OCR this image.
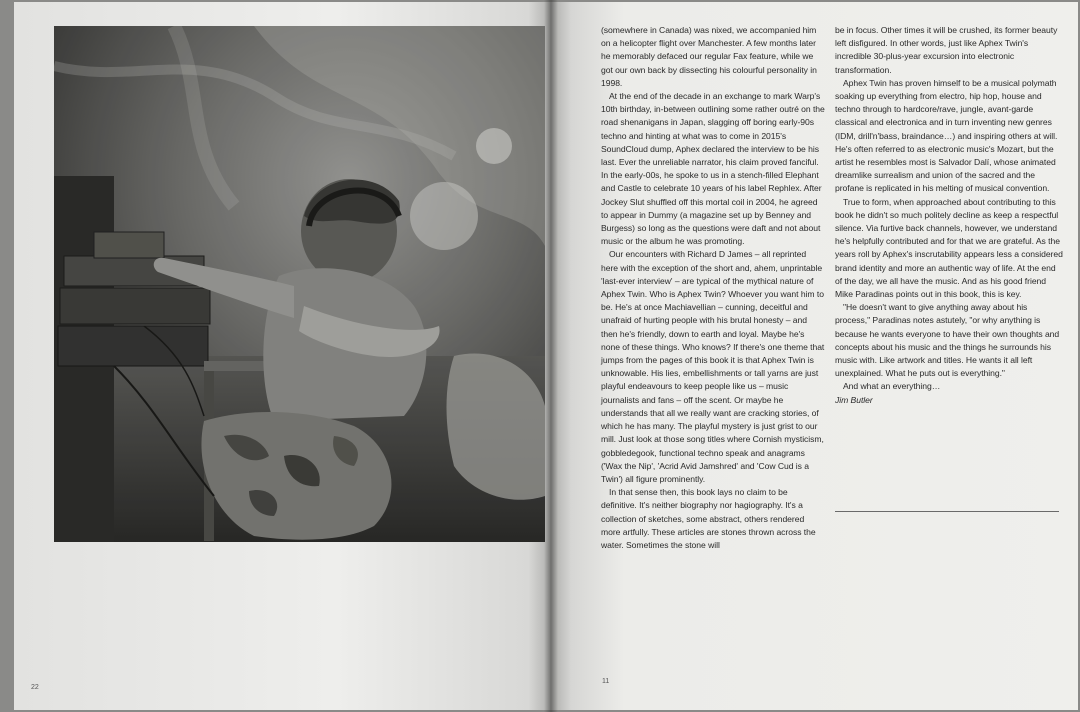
22
11

(somewhere in Canada) was nixed, we accompanied him on a helicopter flight over Manchester. A few months later he memorably defaced our regular Fax feature, while we got our own back by dissecting his colourful personality in 1998.

At the end of the decade in an exchange to mark Warp's 10th birthday, in-between outlining some rather outré on the road shenanigans in Japan, slagging off boring early-90s techno and hinting at what was to come in 2015's SoundCloud dump, Aphex declared the interview to be his last. Ever the unreliable narrator, his claim proved fanciful. In the early-00s, he spoke to us in a stench-filled Elephant and Castle to celebrate 10 years of his label Rephlex. After Jockey Slut shuffled off this mortal coil in 2004, he agreed to appear in Dummy (a magazine set up by Benney and Burgess) so long as the questions were daft and not about music or the album he was promoting.

Our encounters with Richard D James – all reprinted here with the exception of the short and, ahem, unprintable 'last-ever interview' – are typical of the mythical nature of Aphex Twin. Who is Aphex Twin? Whoever you want him to be. He's at once Machiavellian – cunning, deceitful and unafraid of hurting people with his brutal honesty – and then he's friendly, down to earth and loyal. Maybe he's none of these things. Who knows? If there's one theme that jumps from the pages of this book it is that Aphex Twin is unknowable. His lies, embellishments or tall yarns are just playful endeavours to keep people like us – music journalists and fans – off the scent. Or maybe he understands that all we really want are cracking stories, of which he has many. The playful mystery is just grist to our mill. Just look at those song titles where Cornish mysticism, gobbledegook, functional techno speak and anagrams ('Wax the Nip', 'Acrid Avid Jamshred' and 'Cow Cud is a Twin') all figure prominently.

In that sense then, this book lays no claim to be definitive. It's neither biography nor hagiography. It's a collection of sketches, some abstract, others rendered more artfully. These articles are stones thrown across the water. Sometimes the stone will

be in focus. Other times it will be crushed, its former beauty left disfigured. In other words, just like Aphex Twin's incredible 30-plus-year excursion into electronic transformation.

Aphex Twin has proven himself to be a musical polymath soaking up everything from electro, hip hop, house and techno through to hardcore/rave, jungle, avant-garde classical and electronica and in turn inventing new genres (IDM, drill'n'bass, braindance…) and inspiring others at will. He's often referred to as electronic music's Mozart, but the artist he resembles most is Salvador Dalí, whose animated dreamlike surrealism and union of the sacred and the profane is replicated in his melting of musical convention.

True to form, when approached about contributing to this book he didn't so much politely decline as keep a respectful silence. Via furtive back channels, however, we understand he's helpfully contributed and for that we are grateful. As the years roll by Aphex's inscrutability appears less a considered brand identity and more an authentic way of life. At the end of the day, we all have the music. And as his good friend Mike Paradinas points out in this book, this is key.

"He doesn't want to give anything away about his process," Paradinas notes astutely, "or why anything is because he wants everyone to have their own thoughts and concepts about his music and the things he surrounds his music with. Like artwork and titles. He wants it all left unexplained. What he puts out is everything."

And what an everything…

Jim Butler
